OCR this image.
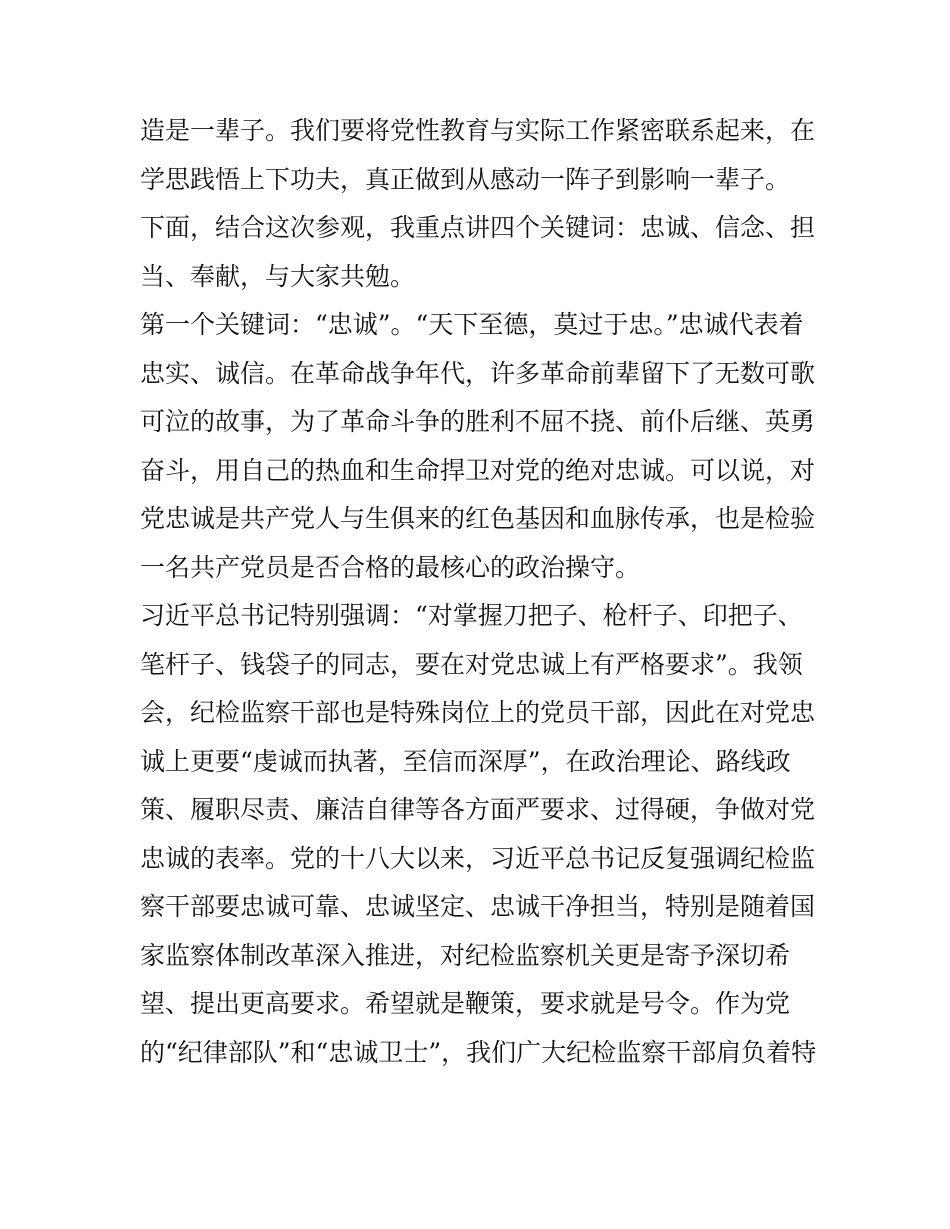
造是一辈子。我们要将党性教育与实际工作紧密联系起来，在
学思践悟上下功夫，真正做到从感动一阵子到影响一辈子。
下面，结合这次参观，我重点讲四个关键词：忠诚、信念、担
当、奉献，与大家共勉。
第一个关键词：“忠诚”。“天下至德，莫过于忠。”忠诚代表着
忠实、诚信。在革命战争年代，许多革命前辈留下了无数可歌
可泣的故事，为了革命斗争的胜利不屈不挠、前仆后继、英勇
奋斗，用自己的热血和生命捍卫对党的绝对忠诚。可以说，对
党忠诚是共产党人与生俱来的红色基因和血脉传承，也是检验
一名共产党员是否合格的最核心的政治操守。
习近平总书记特别强调：“对掌握刀把子、枪杆子、印把子、
笔杆子、钱袋子的同志，要在对党忠诚上有严格要求”。我领
会，纪检监察干部也是特殊岗位上的党员干部，因此在对党忠
诚上更要“虔诚而执著，至信而深厚”，在政治理论、路线政
策、履职尽责、廉洁自律等各方面严要求、过得硬，争做对党
忠诚的表率。党的十八大以来，习近平总书记反复强调纪检监
察干部要忠诚可靠、忠诚坚定、忠诚干净担当，特别是随着国
家监察体制改革深入推进，对纪检监察机关更是寄予深切希
望、提出更高要求。希望就是鞭策，要求就是号令。作为党
的“纪律部队”和“忠诚卫士”，我们广大纪检监察干部肩负着特
